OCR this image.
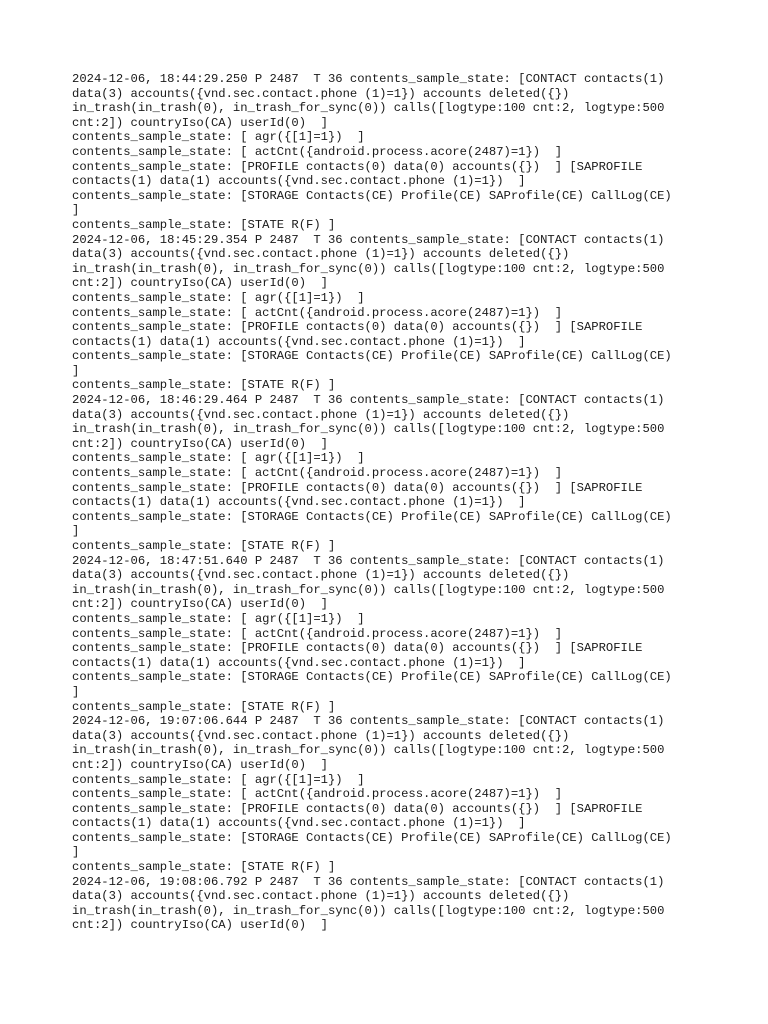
2024-12-06, 18:44:29.250 P 2487  T 36 contents_sample_state: [CONTACT contacts(1)
data(3) accounts({vnd.sec.contact.phone (1)=1}) accounts deleted({})
in_trash(in_trash(0), in_trash_for_sync(0)) calls([logtype:100 cnt:2, logtype:500
cnt:2]) countryIso(CA) userId(0)  ]
contents_sample_state: [ agr({[1]=1})  ]
contents_sample_state: [ actCnt({android.process.acore(2487)=1})  ]
contents_sample_state: [PROFILE contacts(0) data(0) accounts({})  ] [SAPROFILE
contacts(1) data(1) accounts({vnd.sec.contact.phone (1)=1})  ]
contents_sample_state: [STORAGE Contacts(CE) Profile(CE) SAProfile(CE) CallLog(CE)
]
contents_sample_state: [STATE R(F) ]
2024-12-06, 18:45:29.354 P 2487  T 36 contents_sample_state: [CONTACT contacts(1)
data(3) accounts({vnd.sec.contact.phone (1)=1}) accounts deleted({})
in_trash(in_trash(0), in_trash_for_sync(0)) calls([logtype:100 cnt:2, logtype:500
cnt:2]) countryIso(CA) userId(0)  ]
contents_sample_state: [ agr({[1]=1})  ]
contents_sample_state: [ actCnt({android.process.acore(2487)=1})  ]
contents_sample_state: [PROFILE contacts(0) data(0) accounts({})  ] [SAPROFILE
contacts(1) data(1) accounts({vnd.sec.contact.phone (1)=1})  ]
contents_sample_state: [STORAGE Contacts(CE) Profile(CE) SAProfile(CE) CallLog(CE)
]
contents_sample_state: [STATE R(F) ]
2024-12-06, 18:46:29.464 P 2487  T 36 contents_sample_state: [CONTACT contacts(1)
data(3) accounts({vnd.sec.contact.phone (1)=1}) accounts deleted({})
in_trash(in_trash(0), in_trash_for_sync(0)) calls([logtype:100 cnt:2, logtype:500
cnt:2]) countryIso(CA) userId(0)  ]
contents_sample_state: [ agr({[1]=1})  ]
contents_sample_state: [ actCnt({android.process.acore(2487)=1})  ]
contents_sample_state: [PROFILE contacts(0) data(0) accounts({})  ] [SAPROFILE
contacts(1) data(1) accounts({vnd.sec.contact.phone (1)=1})  ]
contents_sample_state: [STORAGE Contacts(CE) Profile(CE) SAProfile(CE) CallLog(CE)
]
contents_sample_state: [STATE R(F) ]
2024-12-06, 18:47:51.640 P 2487  T 36 contents_sample_state: [CONTACT contacts(1)
data(3) accounts({vnd.sec.contact.phone (1)=1}) accounts deleted({})
in_trash(in_trash(0), in_trash_for_sync(0)) calls([logtype:100 cnt:2, logtype:500
cnt:2]) countryIso(CA) userId(0)  ]
contents_sample_state: [ agr({[1]=1})  ]
contents_sample_state: [ actCnt({android.process.acore(2487)=1})  ]
contents_sample_state: [PROFILE contacts(0) data(0) accounts({})  ] [SAPROFILE
contacts(1) data(1) accounts({vnd.sec.contact.phone (1)=1})  ]
contents_sample_state: [STORAGE Contacts(CE) Profile(CE) SAProfile(CE) CallLog(CE)
]
contents_sample_state: [STATE R(F) ]
2024-12-06, 19:07:06.644 P 2487  T 36 contents_sample_state: [CONTACT contacts(1)
data(3) accounts({vnd.sec.contact.phone (1)=1}) accounts deleted({})
in_trash(in_trash(0), in_trash_for_sync(0)) calls([logtype:100 cnt:2, logtype:500
cnt:2]) countryIso(CA) userId(0)  ]
contents_sample_state: [ agr({[1]=1})  ]
contents_sample_state: [ actCnt({android.process.acore(2487)=1})  ]
contents_sample_state: [PROFILE contacts(0) data(0) accounts({})  ] [SAPROFILE
contacts(1) data(1) accounts({vnd.sec.contact.phone (1)=1})  ]
contents_sample_state: [STORAGE Contacts(CE) Profile(CE) SAProfile(CE) CallLog(CE)
]
contents_sample_state: [STATE R(F) ]
2024-12-06, 19:08:06.792 P 2487  T 36 contents_sample_state: [CONTACT contacts(1)
data(3) accounts({vnd.sec.contact.phone (1)=1}) accounts deleted({})
in_trash(in_trash(0), in_trash_for_sync(0)) calls([logtype:100 cnt:2, logtype:500
cnt:2]) countryIso(CA) userId(0)  ]
